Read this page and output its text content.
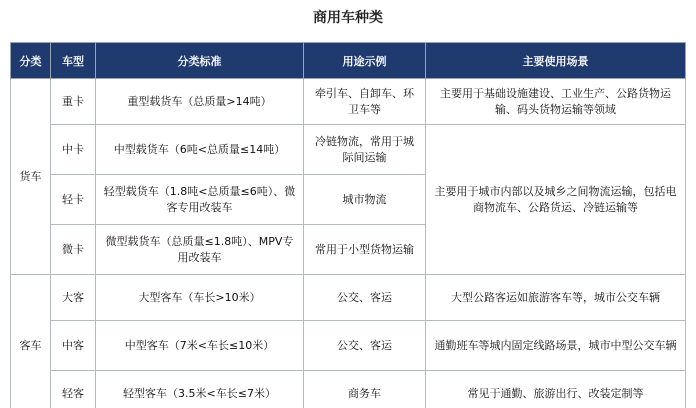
商用车种类
分类	车型	分类标准	用途示例	主要使用场景
货车	重卡	重型载货车（总质量>14吨）	牵引车、自卸车、环卫车等	主要用于基础设施建设、工业生产、公路货物运输、码头货物运输等领域
	中卡	中型载货车（6吨<总质量≤14吨）	冷链物流，常用于城际间运输	主要用于城市内部以及城乡之间物流运输，包括电商物流车、公路货运、冷链运输等
	轻卡	轻型载货车（1.8吨<总质量≤6吨）、微客专用改装车	城市物流	
	微卡	微型载货车（总质量≤1.8吨）、MPV专用改装车	常用于小型货物运输	
客车	大客	大型客车（车长>10米）	公交、客运	大型公路客运如旅游客车等，城市公交车辆
	中客	中型客车（7米<车长≤10米）	公交、客运	通勤班车等城内固定线路场景，城市中型公交车辆
	轻客	轻型客车（3.5米<车长≤7米）	商务车	常见于通勤、旅游出行、改装定制等
